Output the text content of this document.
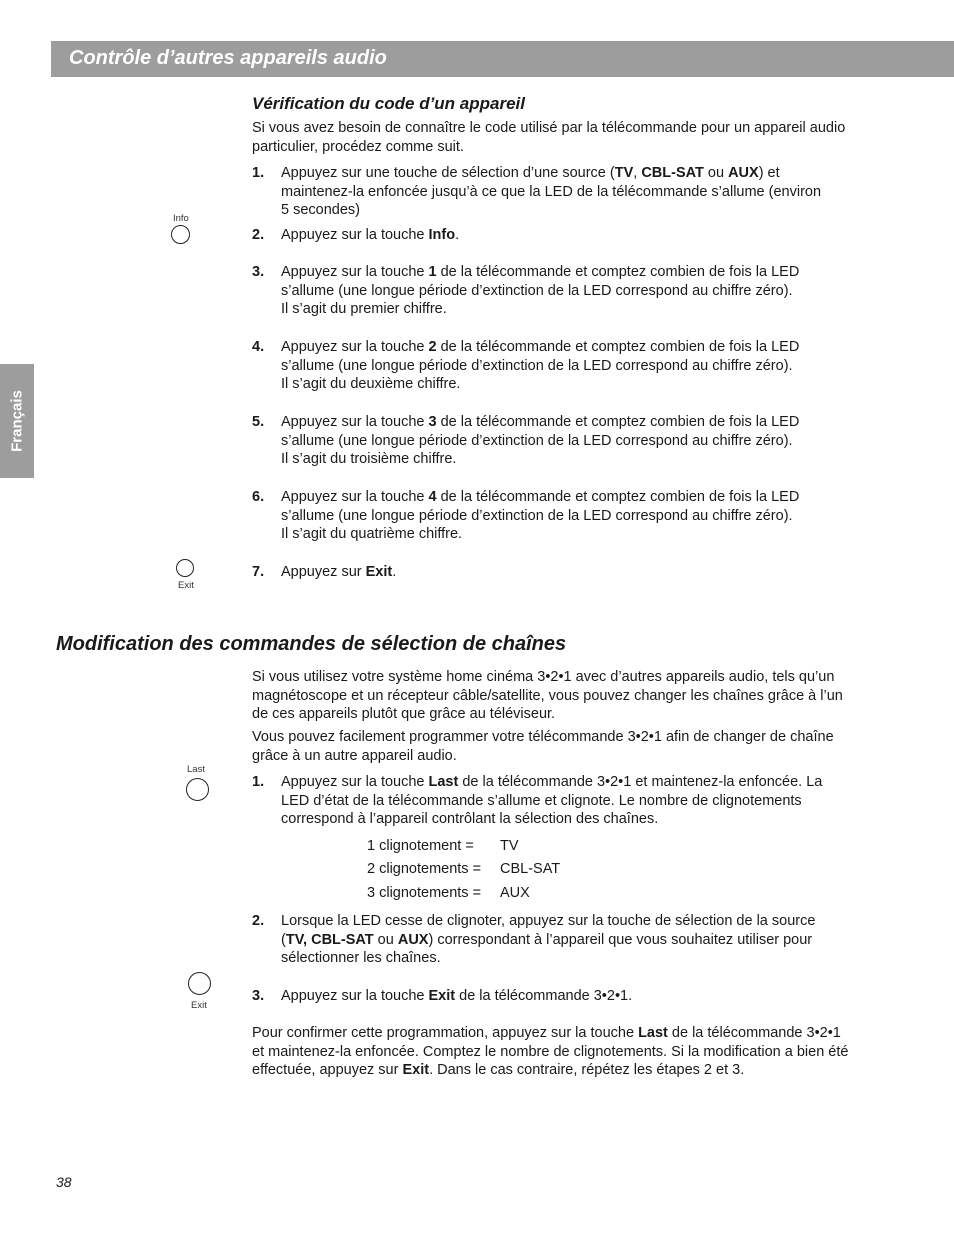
Contrôle d’autres appareils audio
Français
Vérification du code d’un appareil
Si vous avez besoin de connaître le code utilisé par la télécommande pour un appareil audio
particulier, procédez comme suit.
1. Appuyez sur une touche de sélection d’une source (TV, CBL-SAT ou AUX) et
maintenez-la enfoncée jusqu’à ce que la LED de la télécommande s’allume (environ
5 secondes)
Info
2. Appuyez sur la touche Info.
3. Appuyez sur la touche 1 de la télécommande et comptez combien de fois la LED
s’allume (une longue période d’extinction de la LED correspond au chiffre zéro).
Il s’agit du premier chiffre.
4. Appuyez sur la touche 2 de la télécommande et comptez combien de fois la LED
s’allume (une longue période d’extinction de la LED correspond au chiffre zéro).
Il s’agit du deuxième chiffre.
5. Appuyez sur la touche 3 de la télécommande et comptez combien de fois la LED
s’allume (une longue période d’extinction de la LED correspond au chiffre zéro).
Il s’agit du troisième chiffre.
6. Appuyez sur la touche 4 de la télécommande et comptez combien de fois la LED
s’allume (une longue période d’extinction de la LED correspond au chiffre zéro).
Il s’agit du quatrième chiffre.
Exit
7. Appuyez sur Exit.
Modification des commandes de sélection de chaînes
Si vous utilisez votre système home cinéma 3•2•1 avec d’autres appareils audio, tels qu’un
magnétoscope et un récepteur câble/satellite, vous pouvez changer les chaînes grâce à l’un
de ces appareils plutôt que grâce au téléviseur.
Vous pouvez facilement programmer votre télécommande 3•2•1 afin de changer de chaîne
grâce à un autre appareil audio.
Last
1. Appuyez sur la touche Last de la télécommande 3•2•1 et maintenez-la enfoncée. La
LED d’état de la télécommande s’allume et clignote. Le nombre de clignotements
correspond à l’appareil contrôlant la sélection des chaînes.
1 clignotement = TV
2 clignotements = CBL-SAT
3 clignotements = AUX
2. Lorsque la LED cesse de clignoter, appuyez sur la touche de sélection de la source
(TV, CBL-SAT ou AUX) correspondant à l’appareil que vous souhaitez utiliser pour
sélectionner les chaînes.
Exit
3. Appuyez sur la touche Exit de la télécommande 3•2•1.
Pour confirmer cette programmation, appuyez sur la touche Last de la télécommande 3•2•1
et maintenez-la enfoncée. Comptez le nombre de clignotements. Si la modification a bien été
effectuée, appuyez sur Exit. Dans le cas contraire, répétez les étapes 2 et 3.
38
